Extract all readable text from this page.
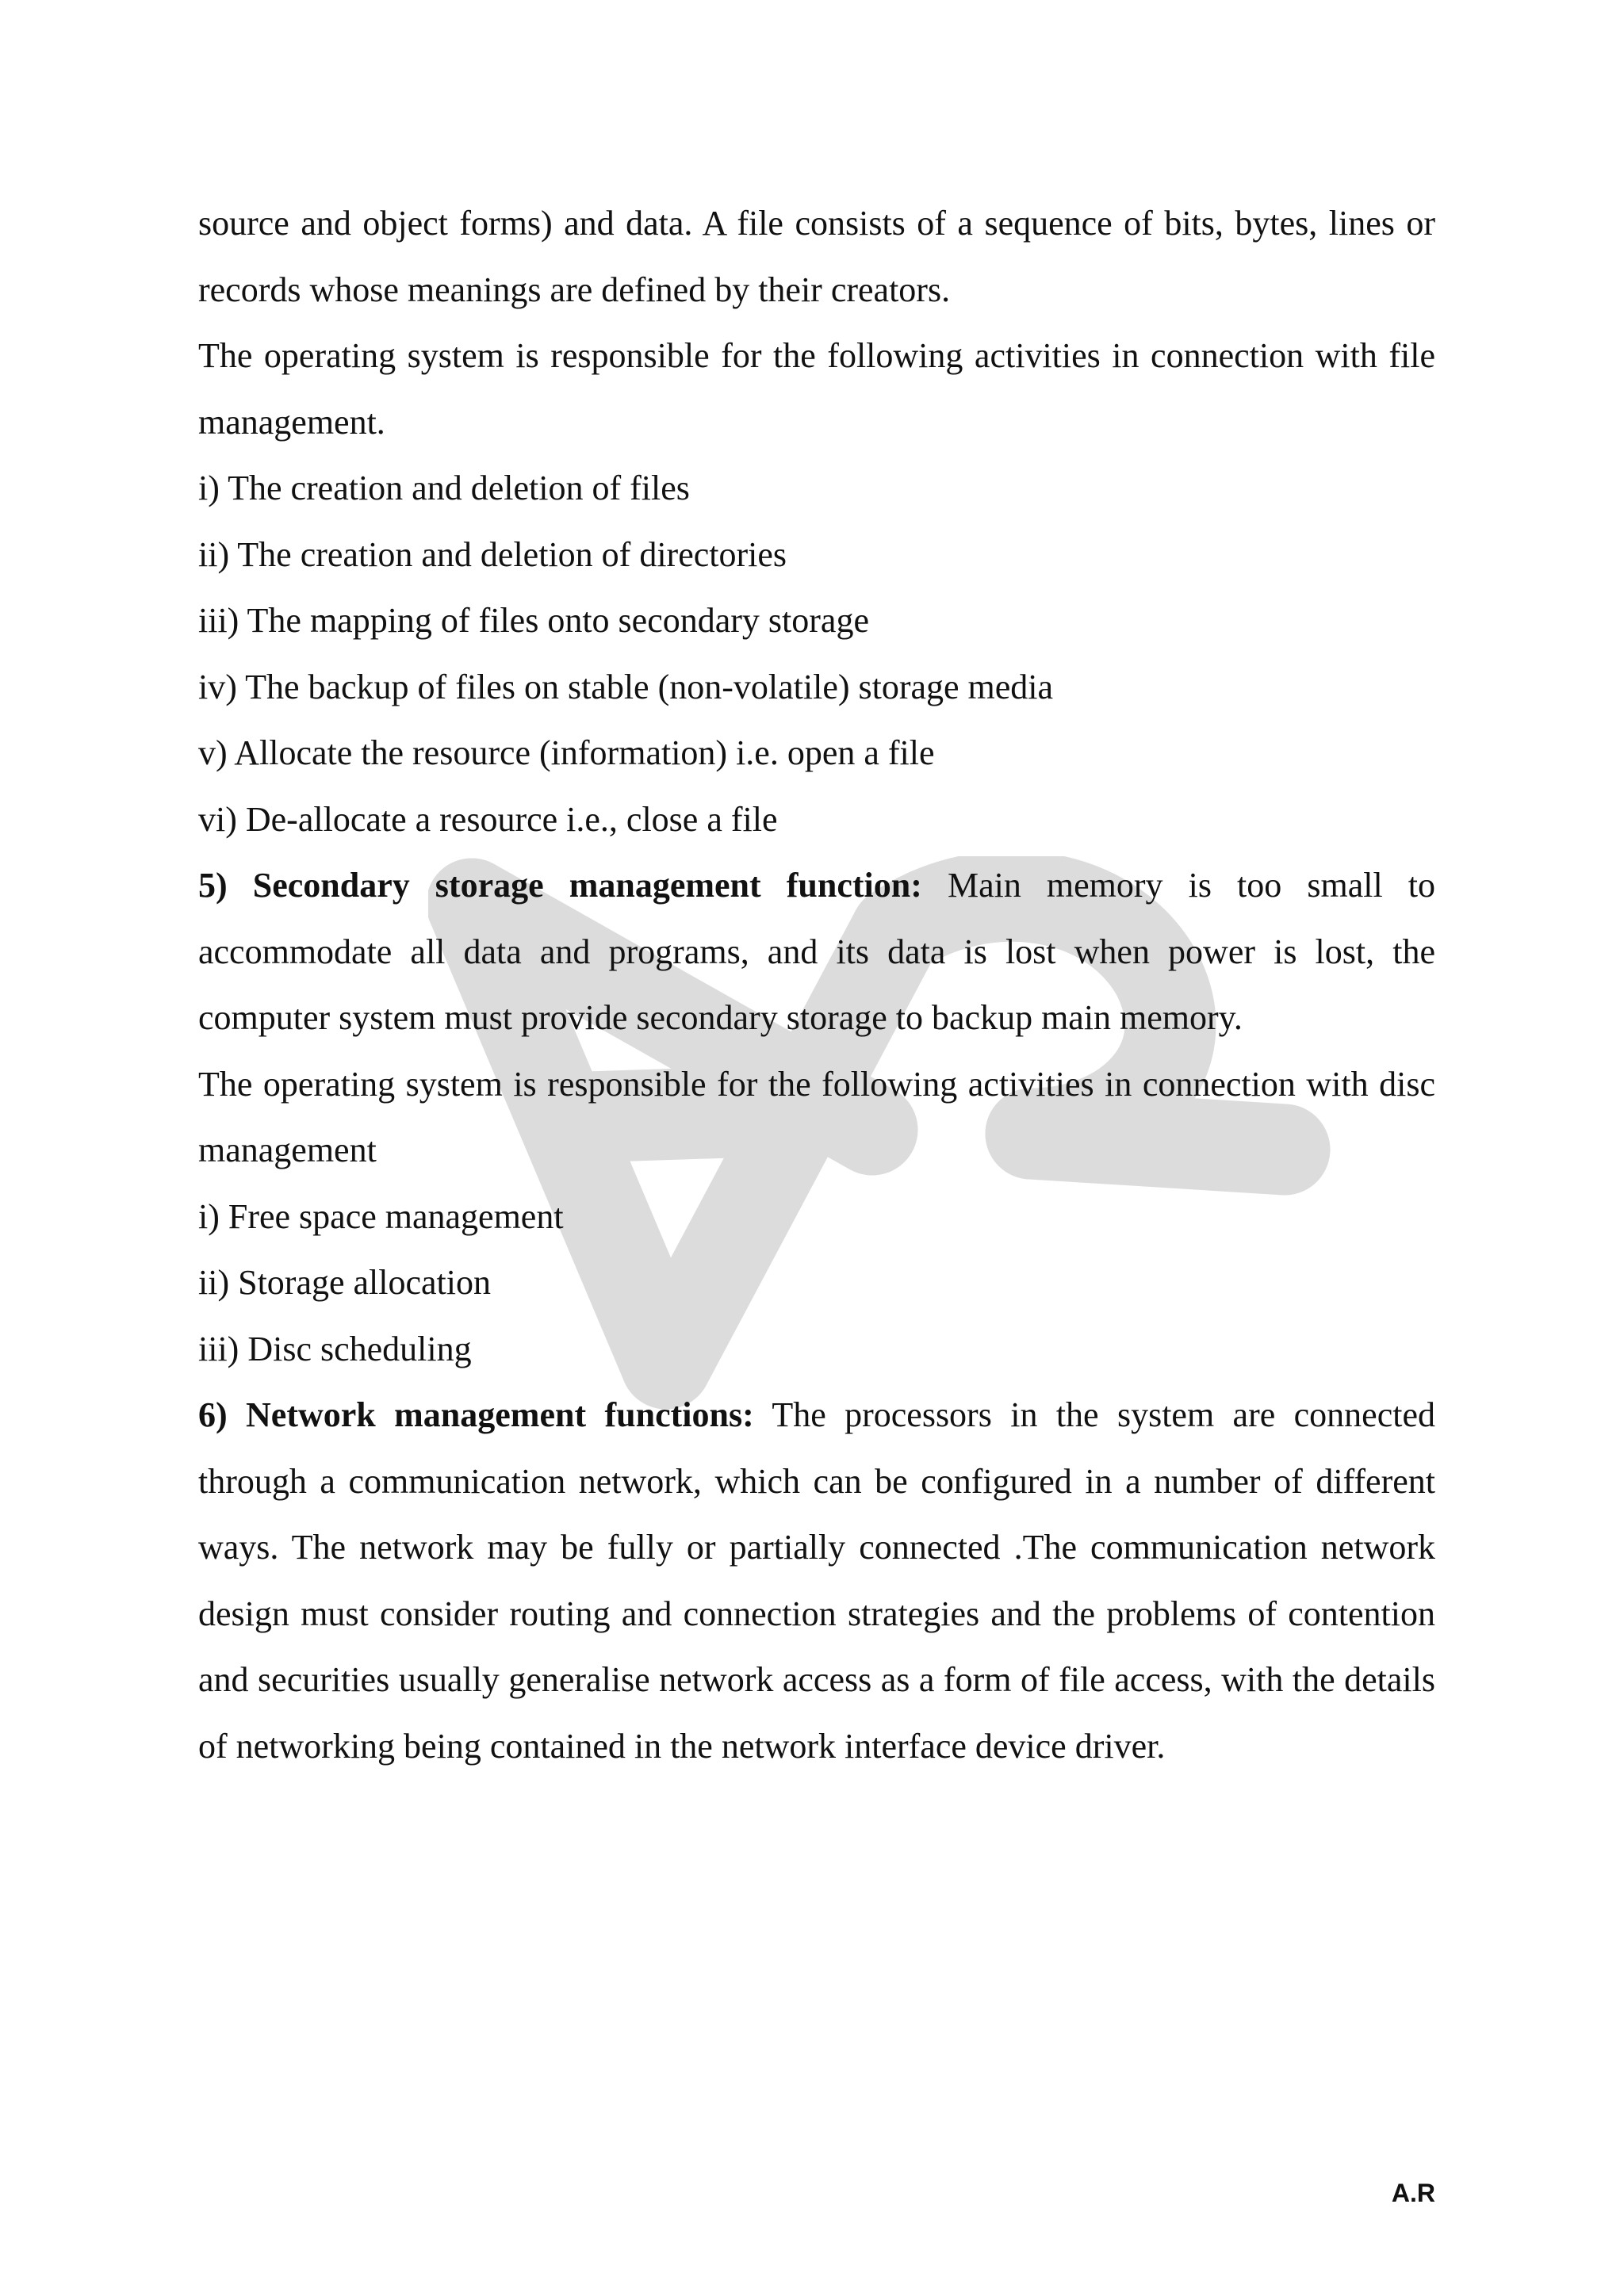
source and object forms) and data. A file consists of a sequence of bits, bytes, lines or records whose meanings are defined by their creators.

The operating system is responsible for the following activities in connection with file management.

i) The creation and deletion of files

ii) The creation and deletion of directories

iii) The mapping of files onto secondary storage

iv) The backup of files on stable (non-volatile) storage media

v) Allocate the resource (information) i.e. open a file

vi) De-allocate a resource i.e., close a file

5) Secondary storage management function: Main memory is too small to accommodate all data and programs, and its data is lost when power is lost, the computer system must provide secondary storage to backup main memory.

The operating system is responsible for the following activities in connection with disc management

i) Free space management

ii) Storage allocation

iii) Disc scheduling

6) Network management functions: The processors in the system are connected through a communication network, which can be configured in a number of different ways. The network may be fully or partially connected .The communication network design must consider routing and connection strategies and the problems of contention and securities usually generalise network access as a form of file access, with the details of networking being contained in the network interface device driver.

A.R
